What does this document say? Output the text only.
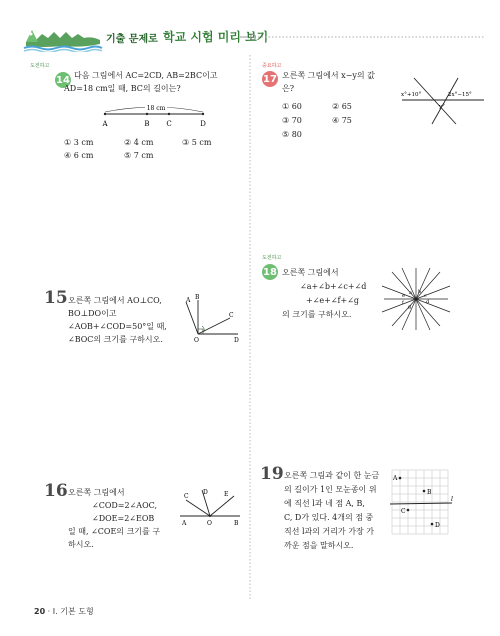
기출 문제로 학교 시험 미리 보기
도전하고
14 다음 그림에서 AC=2CD, AB=2BC이고
AD=18 cm일 때, BC의 길이는?
18 cm
A	B C	D
① 3 cm	② 4 cm	③ 5 cm
④ 6 cm	⑤ 7 cm
15 오른쪽 그림에서 AO⊥CO,
BO⊥DO이고
∠AOB+∠COD=50°일 때,
∠BOC의 크기를 구하시오.
A B
C
O	D
16 오른쪽 그림에서
∠COD=2∠AOC,
∠DOE=2∠EOB
일 때, ∠COE의 크기를 구
하시오.
C
D	E
A	O	B
중요하고
17 오른쪽 그림에서 x−y의 값
은?
x°+10°	2x°−15°
y°
① 60	② 65
③ 70	④ 75
⑤ 80
도전하고
18 오른쪽 그림에서
∠a+∠b+∠c+∠d
+∠e+∠f+∠g
의 크기를 구하시오.
a b
c
d
e
f
g
19 오른쪽 그림과 같이 한 눈금
의 길이가 1인 모눈종이 위
에 직선 l과 네 점 A, B,
C, D가 있다. 4개의 점 중
직선 l과의 거리가 가장 가
까운 점을 말하시오.
A
B
C
D
l
20 · I. 기본 도형
